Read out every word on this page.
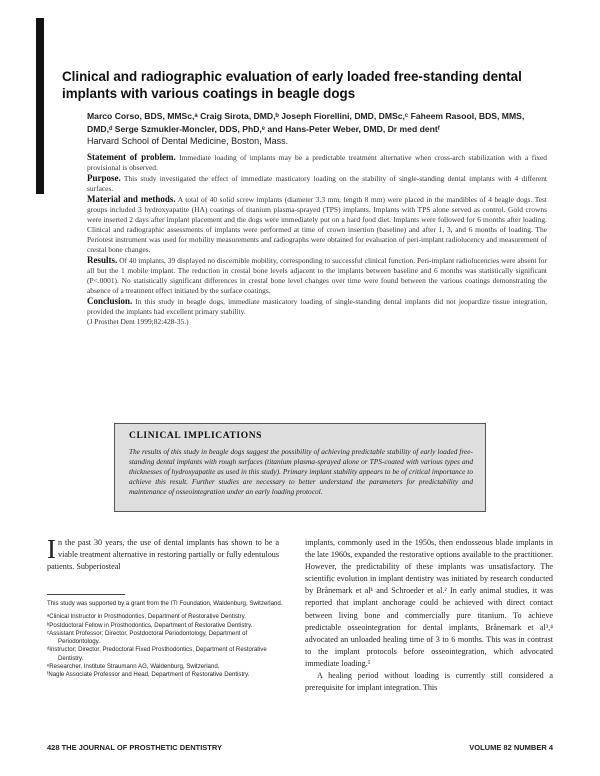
Clinical and radiographic evaluation of early loaded free-standing dental implants with various coatings in beagle dogs
Marco Corso, BDS, MMSc,ᵃ Craig Sirota, DMD,ᵇ Joseph Fiorellini, DMD, DMSc,ᶜ Faheem Rasool, BDS, MMS, DMD,ᵈ Serge Szmukler-Moncler, DDS, PhD,ᵉ and Hans-Peter Weber, DMD, Dr med dentᶠ
Harvard School of Dental Medicine, Boston, Mass.

Statement of problem. Immediate loading of implants may be a predictable treatment alternative when cross-arch stabilization with a fixed provisional is observed.

Purpose. This study investigated the effect of immediate masticatory loading on the stability of single-standing dental implants with 4 different surfaces.

Material and methods. A total of 40 solid screw implants (diameter 3.3 mm, length 8 mm) were placed in the mandibles of 4 beagle dogs. Test groups included 3 hydroxyapatite (HA) coatings of titanium plasma-sprayed (TPS) implants. Implants with TPS alone served as control. Gold crowns were inserted 2 days after implant placement and the dogs were immediately put on a hard food diet. Implants were followed for 6 months after loading. Clinical and radiographic assessments of implants were performed at time of crown insertion (baseline) and after 1, 3, and 6 months of loading. The Periotest instrument was used for mobility measurements and radiographs were obtained for evaluation of peri-implant radiolucency and measurement of crestal bone changes.

Results. Of 40 implants, 39 displayed no discernible mobility, corresponding to successful clinical function. Peri-implant radiolucencies were absent for all but the 1 mobile implant. The reduction in crestal bone levels adjacent to the implants between baseline and 6 months was statistically significant (P<.0001). No statistically significant differences in crestal bone level changes over time were found between the various coatings demonstrating the absence of a treatment effect initiated by the surface coatings.

Conclusion. In this study in beagle dogs, immediate masticatory loading of single-standing dental implants did not jeopardize tissue integration, provided the implants had excellent primary stability.

(J Prosthet Dent 1999;82:428-35.)

CLINICAL IMPLICATIONS

The results of this study in beagle dogs suggest the possibility of achieving predictable stability of early loaded free-standing dental implants with rough surfaces (titanium plasma-sprayed alone or TPS-coated with various types and thicknesses of hydroxyapatite as used in this study). Primary implant stability appears to be of critical importance to achieve this result. Further studies are necessary to better understand the parameters for predictability and maintenance of osseointegration under an early loading protocol.

In the past 30 years, the use of dental implants has shown to be a viable treatment alternative in restoring partially or fully edentulous patients. Subperiosteal

This study was supported by a grant from the ITI Foundation, Waldenburg, Switzerland.

ᵃClinical Instructor in Prosthodontics, Department of Restorative Dentistry.

ᵇPostdoctoral Fellow in Prosthodontics, Department of Restorative Dentistry.

ᶜAssistant Professor; Director, Postdoctoral Periodontology, Department of Periodontology.

ᵈInstructor; Director, Predoctoral Fixed Prosthodontics, Department of Restorative Dentistry.

ᵉResearcher, Institute Straumann AG, Waldenburg, Switzerland.

ᶠNagle Associate Professor and Head, Department of Restorative Dentistry.

implants, commonly used in the 1950s, then endosseous blade implants in the late 1960s, expanded the restorative options available to the practitioner. However, the predictability of these implants was unsatisfactory. The scientific evolution in implant dentistry was initiated by research conducted by Brånemark et al¹ and Schroeder et al.² In early animal studies, it was reported that implant anchorage could be achieved with direct contact between living bone and commercially pure titanium. To achieve predictable osseointegration for dental implants, Brånemark et al³,⁴ advocated an unloaded healing time of 3 to 6 months. This was in contrast to the implant protocols before osseointegration, which advocated immediate loading.⁵

A healing period without loading is currently still considered a prerequisite for implant integration. This

428 THE JOURNAL OF PROSTHETIC DENTISTRY	VOLUME 82 NUMBER 4
